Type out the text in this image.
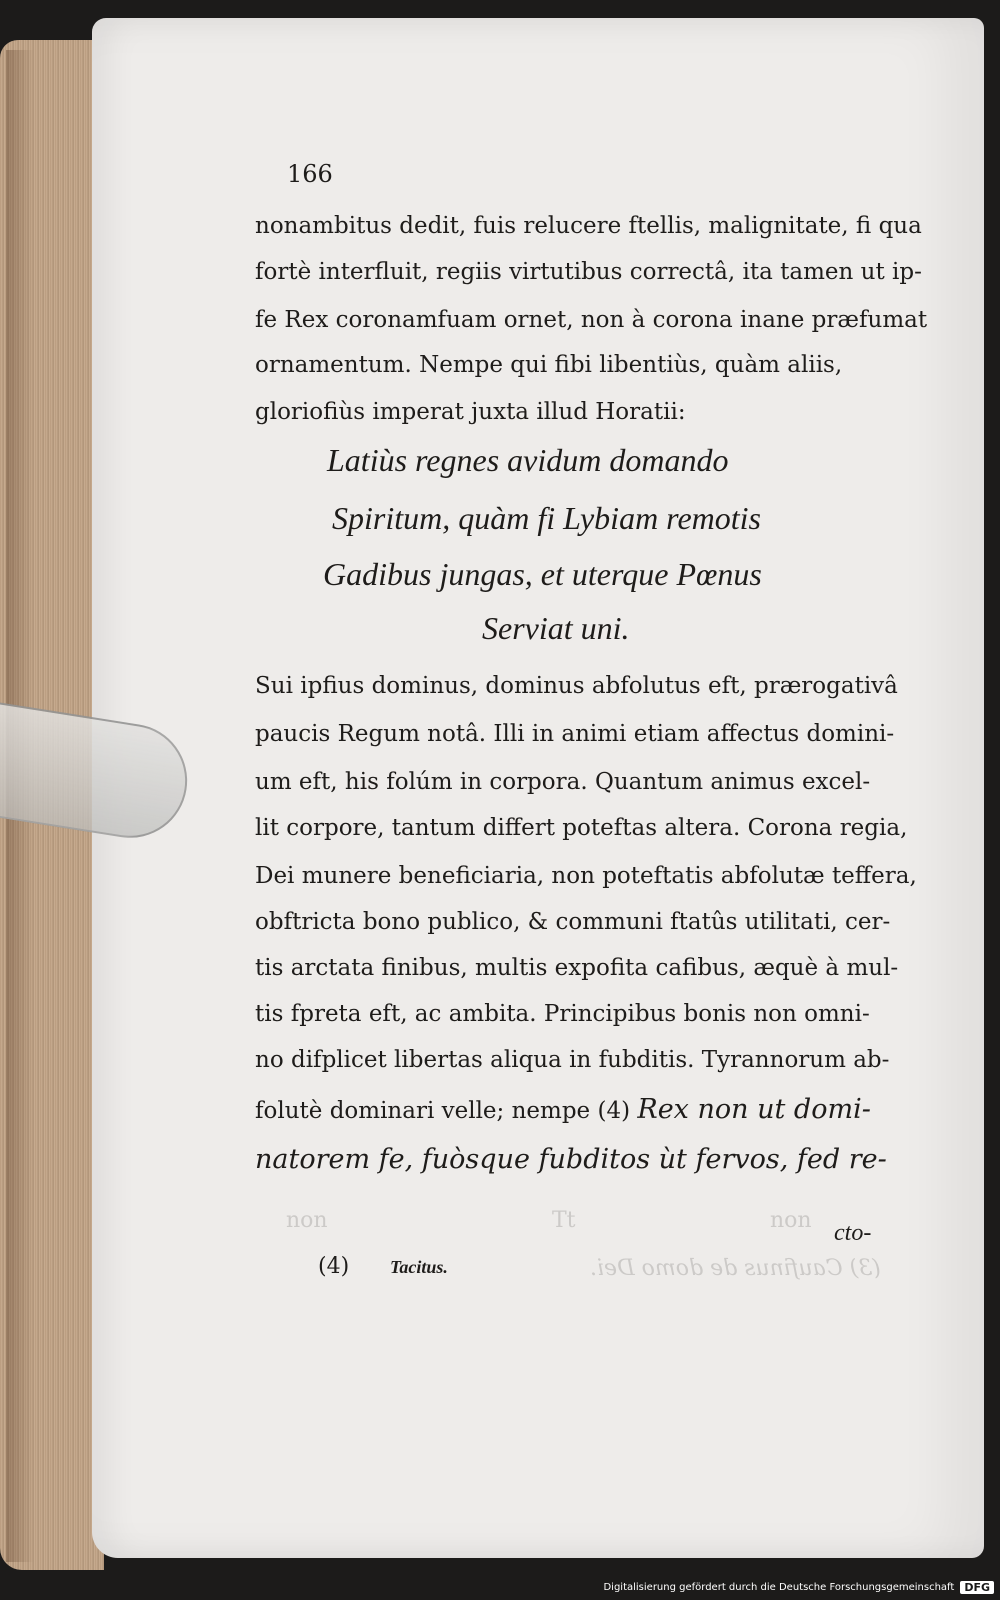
non	Tt	non
(3) Caufinus de domo Dei.
166
nonambitus dedit, fuis relucere ftellis, malignitate, fi qua
fortè interfluit, regiis virtutibus correctâ, ita tamen ut ip-
fe Rex coronamfuam ornet, non à corona inane præfumat
ornamentum. Nempe qui fibi libentiùs, quàm aliis,
gloriofiùs imperat juxta illud Horatii:
Latiùs regnes avidum domando
Spiritum, quàm fi Lybiam remotis
Gadibus jungas, et uterque Pœnus
Serviat uni.
Sui ipfius dominus, dominus abfolutus eft, prærogativâ
paucis Regum notâ. Illi in animi etiam affectus domini-
um eft, his folúm in corpora. Quantum animus excel-
lit corpore, tantum differt poteftas altera. Corona regia,
Dei munere beneficiaria, non poteftatis abfolutæ teffera,
obftricta bono publico, & communi ftatûs utilitati, cer-
tis arctata finibus, multis expofita cafibus, æquè à mul-
tis fpreta eft, ac ambita. Principibus bonis non omni-
no difplicet libertas aliqua in fubditis. Tyrannorum ab-
folutè dominari velle; nempe (4) Rex non ut domi-
natorem fe, fuòsque fubditos ùt fervos, fed re-
cto-
(4) Tacitus.
Digitalisierung gefördert durch die Deutsche Forschungsgemeinschaft DFG
